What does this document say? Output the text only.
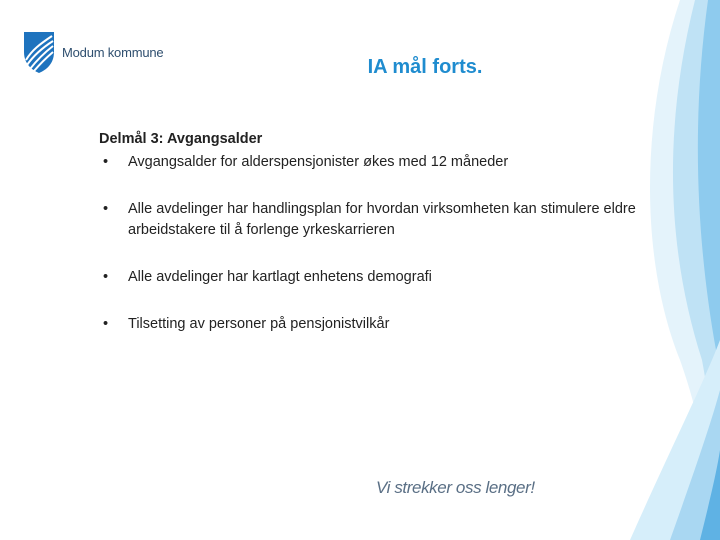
Modum kommune
IA mål forts.
Delmål 3: Avgangsalder
•	Avgangsalder for alderspensjonister økes med 12 måneder
•	Alle avdelinger har handlingsplan for hvordan virksomheten kan stimulere eldre arbeidstakere til å forlenge yrkeskarrieren
•	Alle avdelinger har kartlagt enhetens demografi
•	Tilsetting av personer på pensjonistvilkår
Vi strekker oss lenger!
